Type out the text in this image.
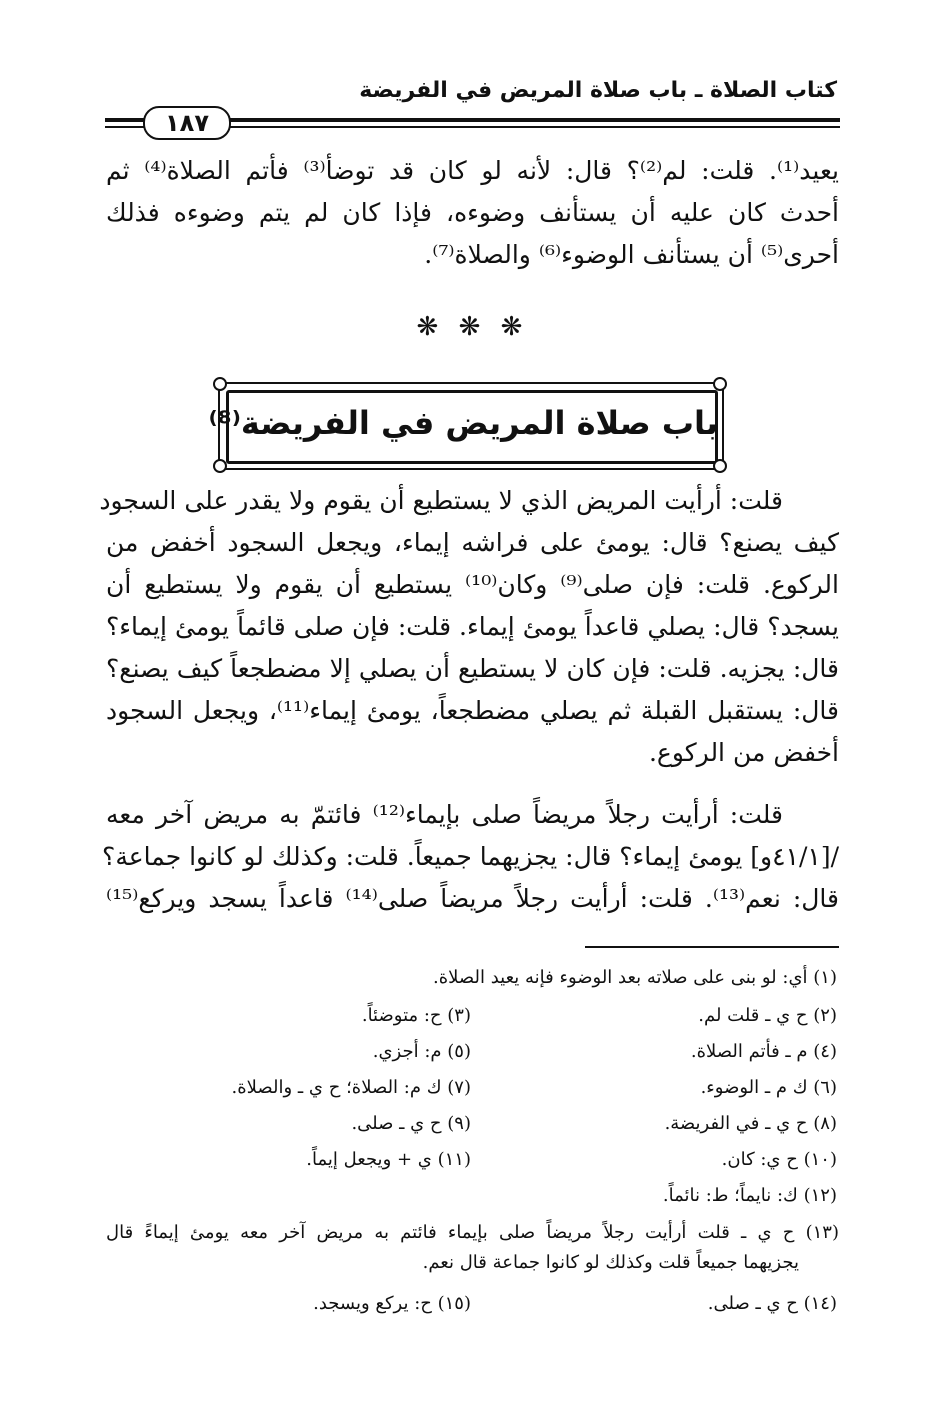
كتاب الصلاة ـ باب صلاة المريض في الفريضة
١٨٧
يعيد⁽¹⁾. قلت: لم⁽²⁾؟ قال: لأنه لو كان قد توضأ⁽³⁾ فأتم الصلاة⁽⁴⁾ ثم
أحدث كان عليه أن يستأنف وضوءه، فإذا كان لم يتم وضوءه فذلك
أحرى⁽⁵⁾ أن يستأنف الوضوء⁽⁶⁾ والصلاة⁽⁷⁾.
❋ ❋ ❋
باب صلاة المريض في الفريضة⁽⁸⁾
قلت: أرأيت المريض الذي لا يستطيع أن يقوم ولا يقدر على السجود
كيف يصنع؟ قال: يومئ على فراشه إيماء، ويجعل السجود أخفض من
الركوع. قلت: فإن صلى⁽⁹⁾ وكان⁽¹⁰⁾ يستطيع أن يقوم ولا يستطيع أن
يسجد؟ قال: يصلي قاعداً يومئ إيماء. قلت: فإن صلى قائماً يومئ إيماء؟
قال: يجزيه. قلت: فإن كان لا يستطيع أن يصلي إلا مضطجعاً كيف يصنع؟
قال: يستقبل القبلة ثم يصلي مضطجعاً، يومئ إيماء⁽¹¹⁾، ويجعل السجود
أخفض من الركوع.
قلت: أرأيت رجلاً مريضاً صلى بإيماء⁽¹²⁾ فائتمّ به مريض آخر معه
/[٤١/١و] يومئ إيماء؟ قال: يجزيهما جميعاً. قلت: وكذلك لو كانوا جماعة؟
قال: نعم⁽¹³⁾. قلت: أرأيت رجلاً مريضاً صلى⁽¹⁴⁾ قاعداً يسجد ويركع⁽¹⁵⁾
(١) أي: لو بنى على صلاته بعد الوضوء فإنه يعيد الصلاة.
(٢) ح ي ـ قلت لم.
(٣) ح: متوضئاً.
(٤) م ـ فأتم الصلاة.
(٥) م: أجزي.
(٦) ك م ـ الوضوء.
(٧) ك م: الصلاة؛ ح ي ـ والصلاة.
(٨) ح ي ـ في الفريضة.
(٩) ح ي ـ صلى.
(١٠) ح ي: كان.
(١١) ي + ويجعل إيماً.
(١٢) ك: نايماً؛ ط: نائماً.
(١٣) ح ي ـ قلت أرأيت رجلاً مريضاً صلى بإيماء فائتم به مريض آخر معه يومئ إيماءً قال
يجزيهما جميعاً قلت وكذلك لو كانوا جماعة قال نعم.
(١٤) ح ي ـ صلى.
(١٥) ح: يركع ويسجد.
